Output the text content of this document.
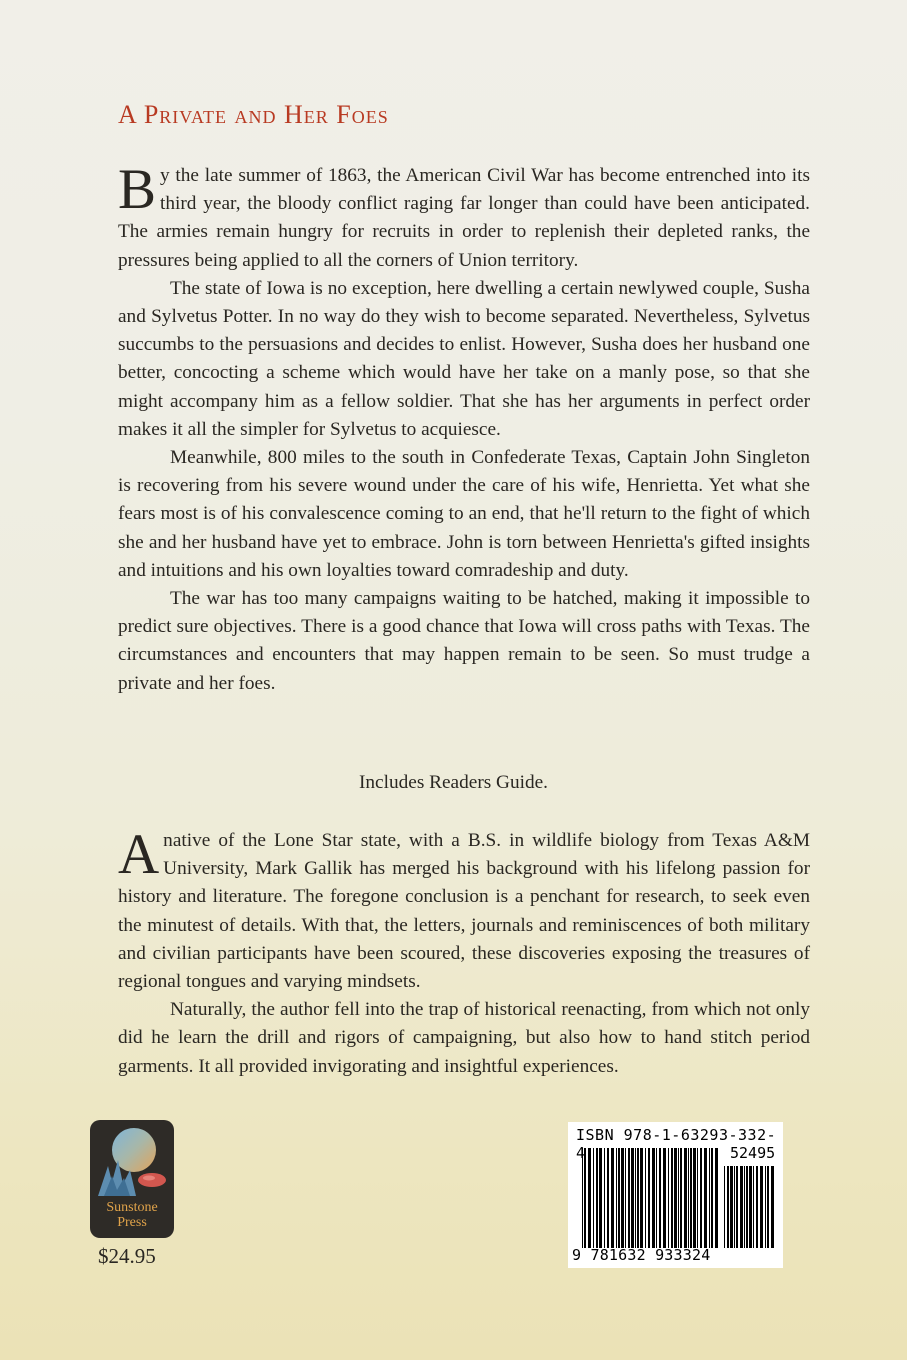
A Private and Her Foes

By the late summer of 1863, the American Civil War has become entrenched into its third year, the bloody conflict raging far longer than could have been anticipated. The armies remain hungry for recruits in order to replenish their depleted ranks, the pressures being applied to all the corners of Union territory.

The state of Iowa is no exception, here dwelling a certain newlywed couple, Susha and Sylvetus Potter. In no way do they wish to become separated. Nevertheless, Sylvetus succumbs to the persuasions and decides to enlist. However, Susha does her husband one better, concocting a scheme which would have her take on a manly pose, so that she might accompany him as a fellow soldier. That she has her arguments in perfect order makes it all the simpler for Sylvetus to acquiesce.

Meanwhile, 800 miles to the south in Confederate Texas, Captain John Singleton is recovering from his severe wound under the care of his wife, Henrietta. Yet what she fears most is of his convalescence coming to an end, that he'll return to the fight of which she and her husband have yet to embrace. John is torn between Henrietta's gifted insights and intuitions and his own loyalties toward comradeship and duty.

The war has too many campaigns waiting to be hatched, making it impossible to predict sure objectives. There is a good chance that Iowa will cross paths with Texas. The circumstances and encounters that may happen remain to be seen. So must trudge a private and her foes.

Includes Readers Guide.

Anative of the Lone Star state, with a B.S. in wildlife biology from Texas A&M University, Mark Gallik has merged his background with his lifelong passion for history and literature. The foregone conclusion is a penchant for research, to seek even the minutest of details. With that, the letters, journals and reminiscences of both military and civilian participants have been scoured, these discoveries exposing the treasures of regional tongues and varying mindsets.

Naturally, the author fell into the trap of historical reenacting, from which not only did he learn the drill and rigors of campaigning, but also how to hand stitch period garments. It all provided invigorating and insightful experiences.

Sunstone
Press

$24.95

ISBN 978-1-63293-332-4	52495
9 781632 933324
